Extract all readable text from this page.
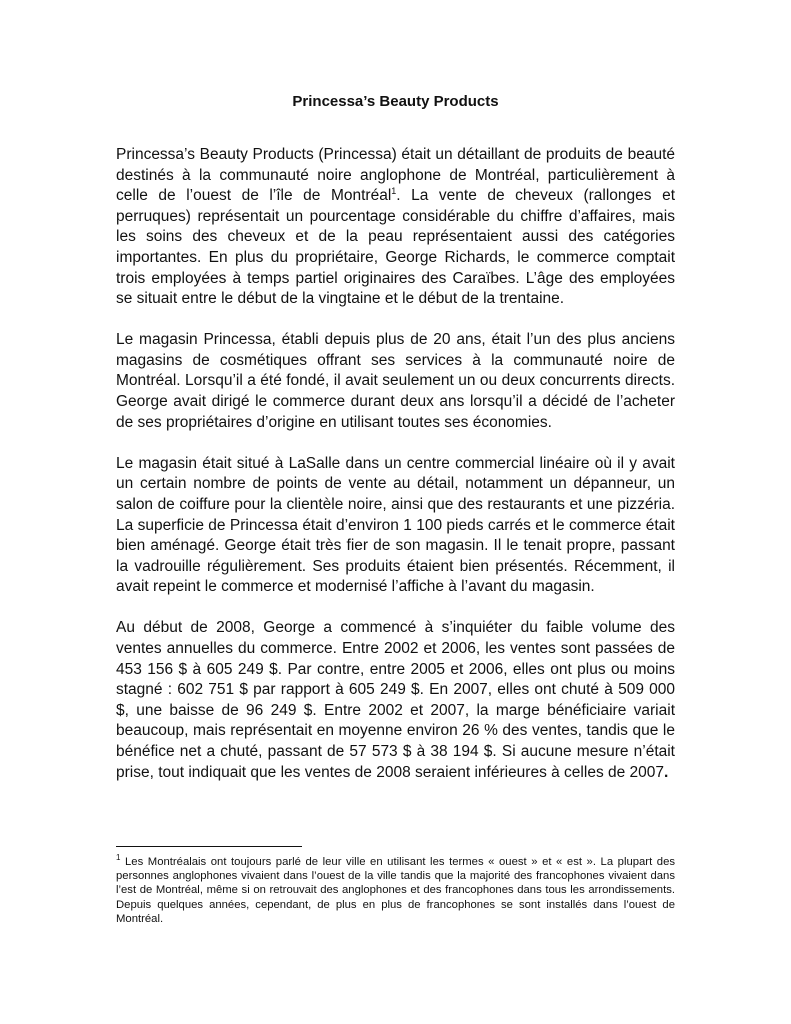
Princessa’s Beauty Products

Princessa’s Beauty Products (Princessa) était un détaillant de produits de beauté destinés à la communauté noire anglophone de Montréal, particulièrement à celle de l’ouest de l’île de Montréal$^1$. La vente de cheveux (rallonges et perruques) représentait un pourcentage considérable du chiffre d’affaires, mais les soins des cheveux et de la peau représentaient aussi des catégories importantes. En plus du propriétaire, George Richards, le commerce comptait trois employées à temps partiel originaires des Caraïbes. L’âge des employées se situait entre le début de la vingtaine et le début de la trentaine.

Le magasin Princessa, établi depuis plus de 20 ans, était l’un des plus anciens magasins de cosmétiques offrant ses services à la communauté noire de Montréal. Lorsqu’il a été fondé, il avait seulement un ou deux concurrents directs. George avait dirigé le commerce durant deux ans lorsqu’il a décidé de l’acheter de ses propriétaires d’origine en utilisant toutes ses économies.

Le magasin était situé à LaSalle dans un centre commercial linéaire où il y avait un certain nombre de points de vente au détail, notamment un dépanneur, un salon de coiffure pour la clientèle noire, ainsi que des restaurants et une pizzéria. La superficie de Princessa était d’environ 1 100 pieds carrés et le commerce était bien aménagé. George était très fier de son magasin. Il le tenait propre, passant la vadrouille régulièrement. Ses produits étaient bien présentés. Récemment, il avait repeint le commerce et modernisé l’affiche à l’avant du magasin.

Au début de 2008, George a commencé à s’inquiéter du faible volume des ventes annuelles du commerce. Entre 2002 et 2006, les ventes sont passées de 453 156 $ à 605 249 $. Par contre, entre 2005 et 2006, elles ont plus ou moins stagné : 602 751 $ par rapport à 605 249 $. En 2007, elles ont chuté à 509 000 $, une baisse de 96 249 $. Entre 2002 et 2007, la marge bénéficiaire variait beaucoup, mais représentait en moyenne environ 26 % des ventes, tandis que le bénéfice net a chuté, passant de 57 573 $ à 38 194 $. Si aucune mesure n’était prise, tout indiquait que les ventes de 2008 seraient inférieures à celles de 2007.

$^1$ Les Montréalais ont toujours parlé de leur ville en utilisant les termes « ouest » et « est ». La plupart des personnes anglophones vivaient dans l’ouest de la ville tandis que la majorité des francophones vivaient dans l’est de Montréal, même si on retrouvait des anglophones et des francophones dans tous les arrondissements. Depuis quelques années, cependant, de plus en plus de francophones se sont installés dans l’ouest de Montréal.
